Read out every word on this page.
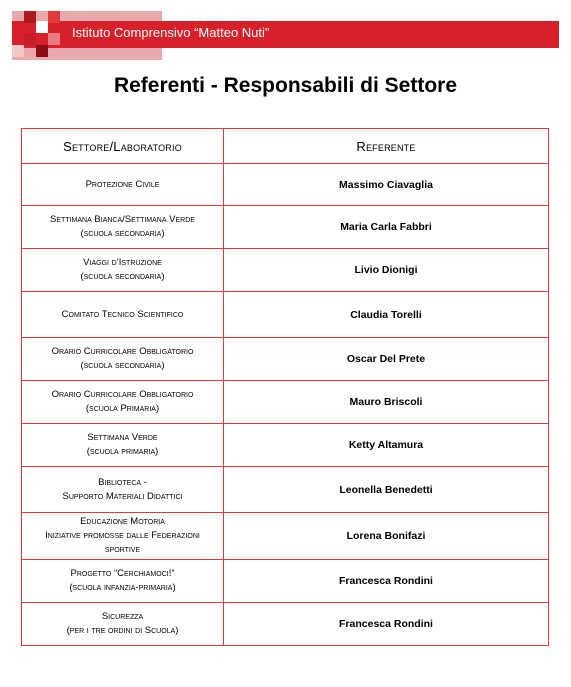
Istituto Comprensivo “Matteo Nuti”
Referenti - Responsabili di Settore
Settore/Laboratorio	Referente

Protezione Civile	Massimo Ciavaglia

Settimana Bianca/Settimana Verde
(scuola secondaria)	Maria Carla Fabbri

Viaggi d’Istruzione
(scuola secondaria)	Livio Dionigi

Comitato Tecnico Scientifico	Claudia Torelli

Orario Curricolare Obbligatorio
(scuola secondaria)	Oscar Del Prete

Orario Curricolare Obbligatorio
(scuola Primaria)	Mauro Briscoli

Settimana Verde
(scuola primaria)	Ketty Altamura

Biblioteca -
Supporto Materiali Didattici	Leonella Benedetti

Educazione Motoria
Iniziative promosse dalle Federazioni
sportive	Lorena Bonifazi

Progetto “Cerchiamoci!”
(scuola infanzia-primaria)	Francesca Rondini

Sicurezza
(per i tre ordini di Scuola)	Francesca Rondini
